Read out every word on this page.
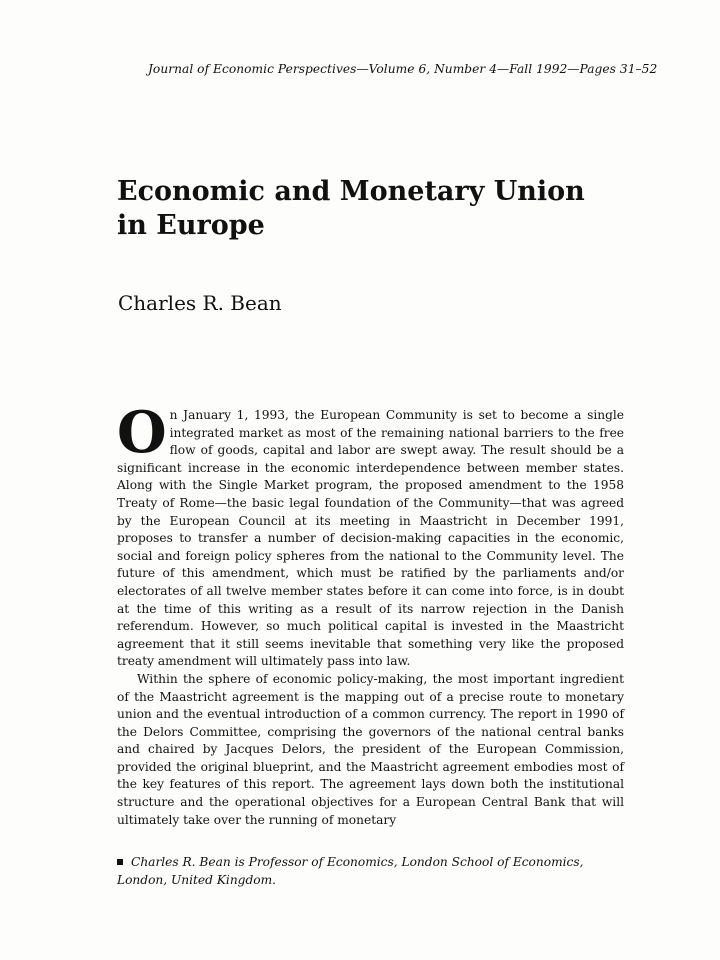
Journal of Economic Perspectives—Volume 6, Number 4—Fall 1992—Pages 31–52
Economic and Monetary Union
in Europe
Charles R. Bean

On January 1, 1993, the European Community is set to become a single integrated market as most of the remaining national barriers to the free flow of goods, capital and labor are swept away. The result should be a significant increase in the economic interdependence between member states. Along with the Single Market program, the proposed amendment to the 1958 Treaty of Rome—the basic legal foundation of the Community—that was agreed by the European Council at its meeting in Maastricht in December 1991, proposes to transfer a number of decision-making capacities in the economic, social and foreign policy spheres from the national to the Community level. The future of this amendment, which must be ratified by the parliaments and/or electorates of all twelve member states before it can come into force, is in doubt at the time of this writing as a result of its narrow rejection in the Danish referendum. However, so much political capital is invested in the Maastricht agreement that it still seems inevitable that something very like the proposed treaty amendment will ultimately pass into law.

Within the sphere of economic policy-making, the most important ingredient of the Maastricht agreement is the mapping out of a precise route to monetary union and the eventual introduction of a common currency. The report in 1990 of the Delors Committee, comprising the governors of the national central banks and chaired by Jacques Delors, the president of the European Commission, provided the original blueprint, and the Maastricht agreement embodies most of the key features of this report. The agreement lays down both the institutional structure and the operational objectives for a European Central Bank that will ultimately take over the running of monetary

Charles R. Bean is Professor of Economics, London School of Economics, London, United Kingdom.
